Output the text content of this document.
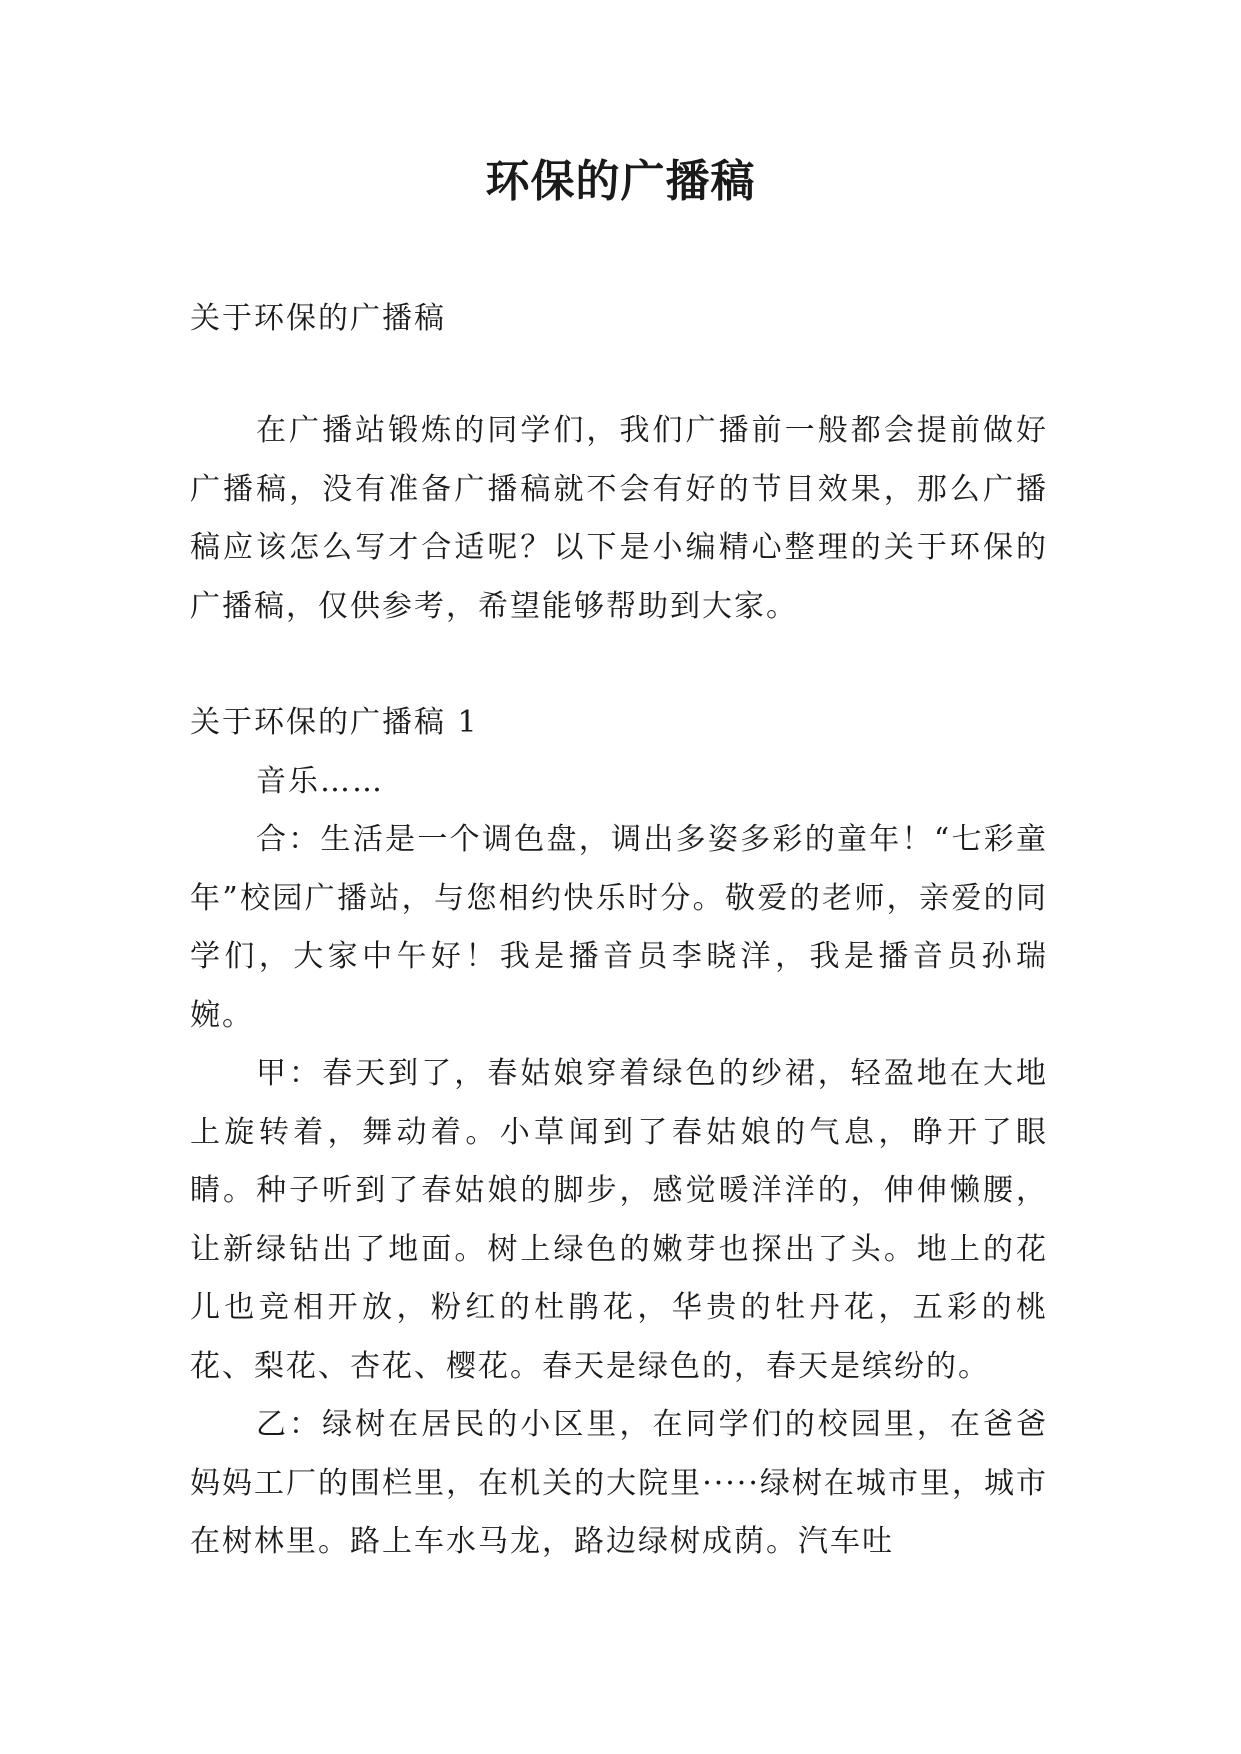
环保的广播稿

关于环保的广播稿

在广播站锻炼的同学们，我们广播前一般都会提前做好广播稿，没有准备广播稿就不会有好的节目效果，那么广播稿应该怎么写才合适呢？以下是小编精心整理的关于环保的广播稿，仅供参考，希望能够帮助到大家。

关于环保的广播稿 1

音乐……

合：生活是一个调色盘，调出多姿多彩的童年！“七彩童年”校园广播站，与您相约快乐时分。敬爱的老师，亲爱的同学们，大家中午好！我是播音员李晓洋，我是播音员孙瑞婉。

甲：春天到了，春姑娘穿着绿色的纱裙，轻盈地在大地上旋转着，舞动着。小草闻到了春姑娘的气息，睁开了眼睛。种子听到了春姑娘的脚步，感觉暖洋洋的，伸伸懒腰，让新绿钻出了地面。树上绿色的嫩芽也探出了头。地上的花儿也竞相开放，粉红的杜鹃花，华贵的牡丹花，五彩的桃花、梨花、杏花、樱花。春天是绿色的，春天是缤纷的。

乙：绿树在居民的小区里，在同学们的校园里，在爸爸妈妈工厂的围栏里，在机关的大院里·····绿树在城市里，城市在树林里。路上车水马龙，路边绿树成荫。汽车吐
